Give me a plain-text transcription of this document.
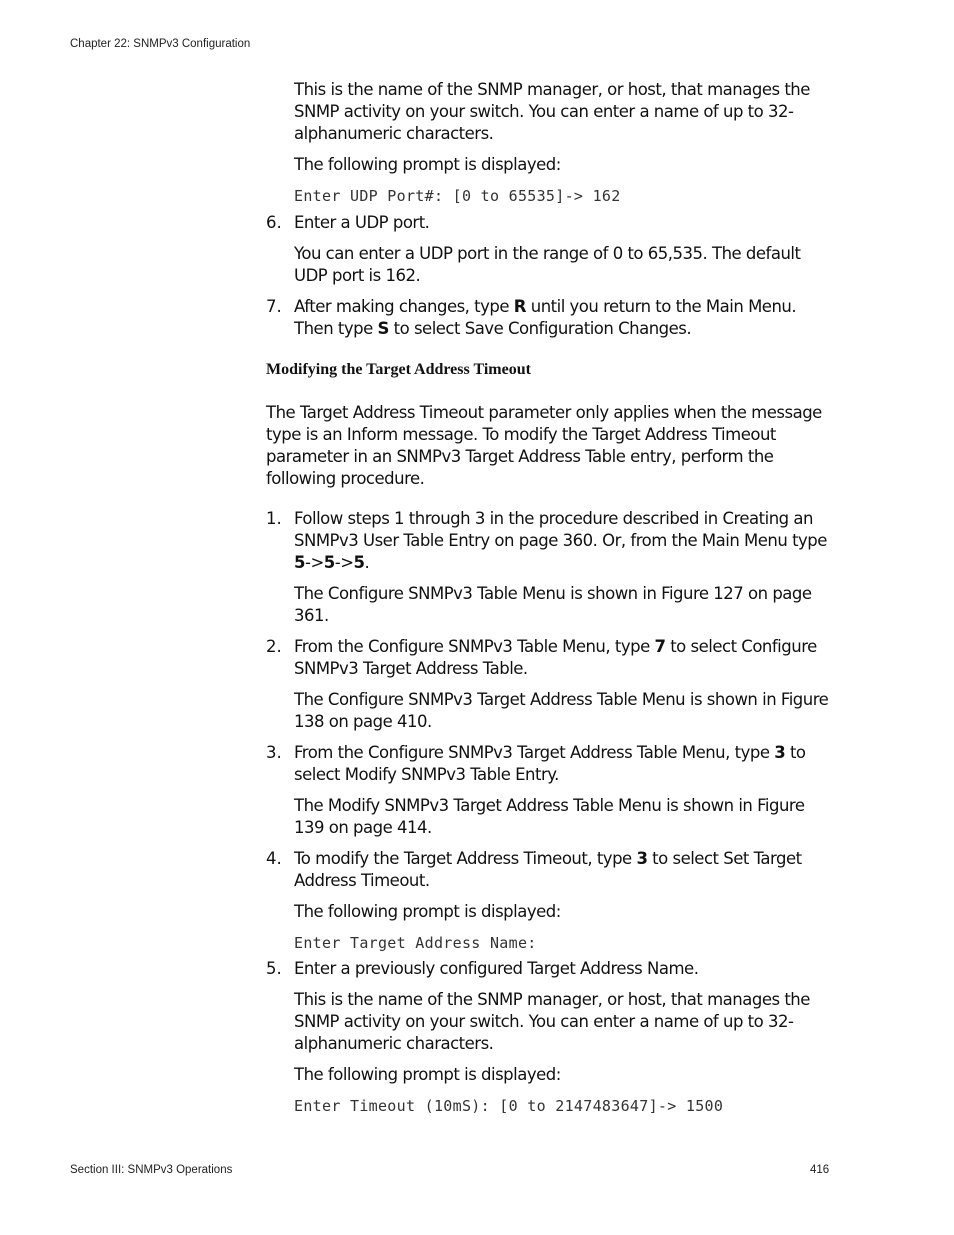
Chapter 22: SNMPv3 Configuration
This is the name of the SNMP manager, or host, that manages the SNMP activity on your switch. You can enter a name of up to 32-alphanumeric characters.
The following prompt is displayed:
Enter UDP Port#: [0 to 65535]-> 162
6. Enter a UDP port.
You can enter a UDP port in the range of 0 to 65,535. The default UDP port is 162.
7. After making changes, type R until you return to the Main Menu. Then type S to select Save Configuration Changes.
Modifying the Target Address Timeout
The Target Address Timeout parameter only applies when the message type is an Inform message. To modify the Target Address Timeout parameter in an SNMPv3 Target Address Table entry, perform the following procedure.
1. Follow steps 1 through 3 in the procedure described in Creating an SNMPv3 User Table Entry on page 360. Or, from the Main Menu type 5->5->5.
The Configure SNMPv3 Table Menu is shown in Figure 127 on page 361.
2. From the Configure SNMPv3 Table Menu, type 7 to select Configure SNMPv3 Target Address Table.
The Configure SNMPv3 Target Address Table Menu is shown in Figure 138 on page 410.
3. From the Configure SNMPv3 Target Address Table Menu, type 3 to select Modify SNMPv3 Table Entry.
The Modify SNMPv3 Target Address Table Menu is shown in Figure 139 on page 414.
4. To modify the Target Address Timeout, type 3 to select Set Target Address Timeout.
The following prompt is displayed:
Enter Target Address Name:
5. Enter a previously configured Target Address Name.
This is the name of the SNMP manager, or host, that manages the SNMP activity on your switch. You can enter a name of up to 32-alphanumeric characters.
The following prompt is displayed:
Enter Timeout (10mS): [0 to 2147483647]-> 1500
Section III: SNMPv3 Operations	416
